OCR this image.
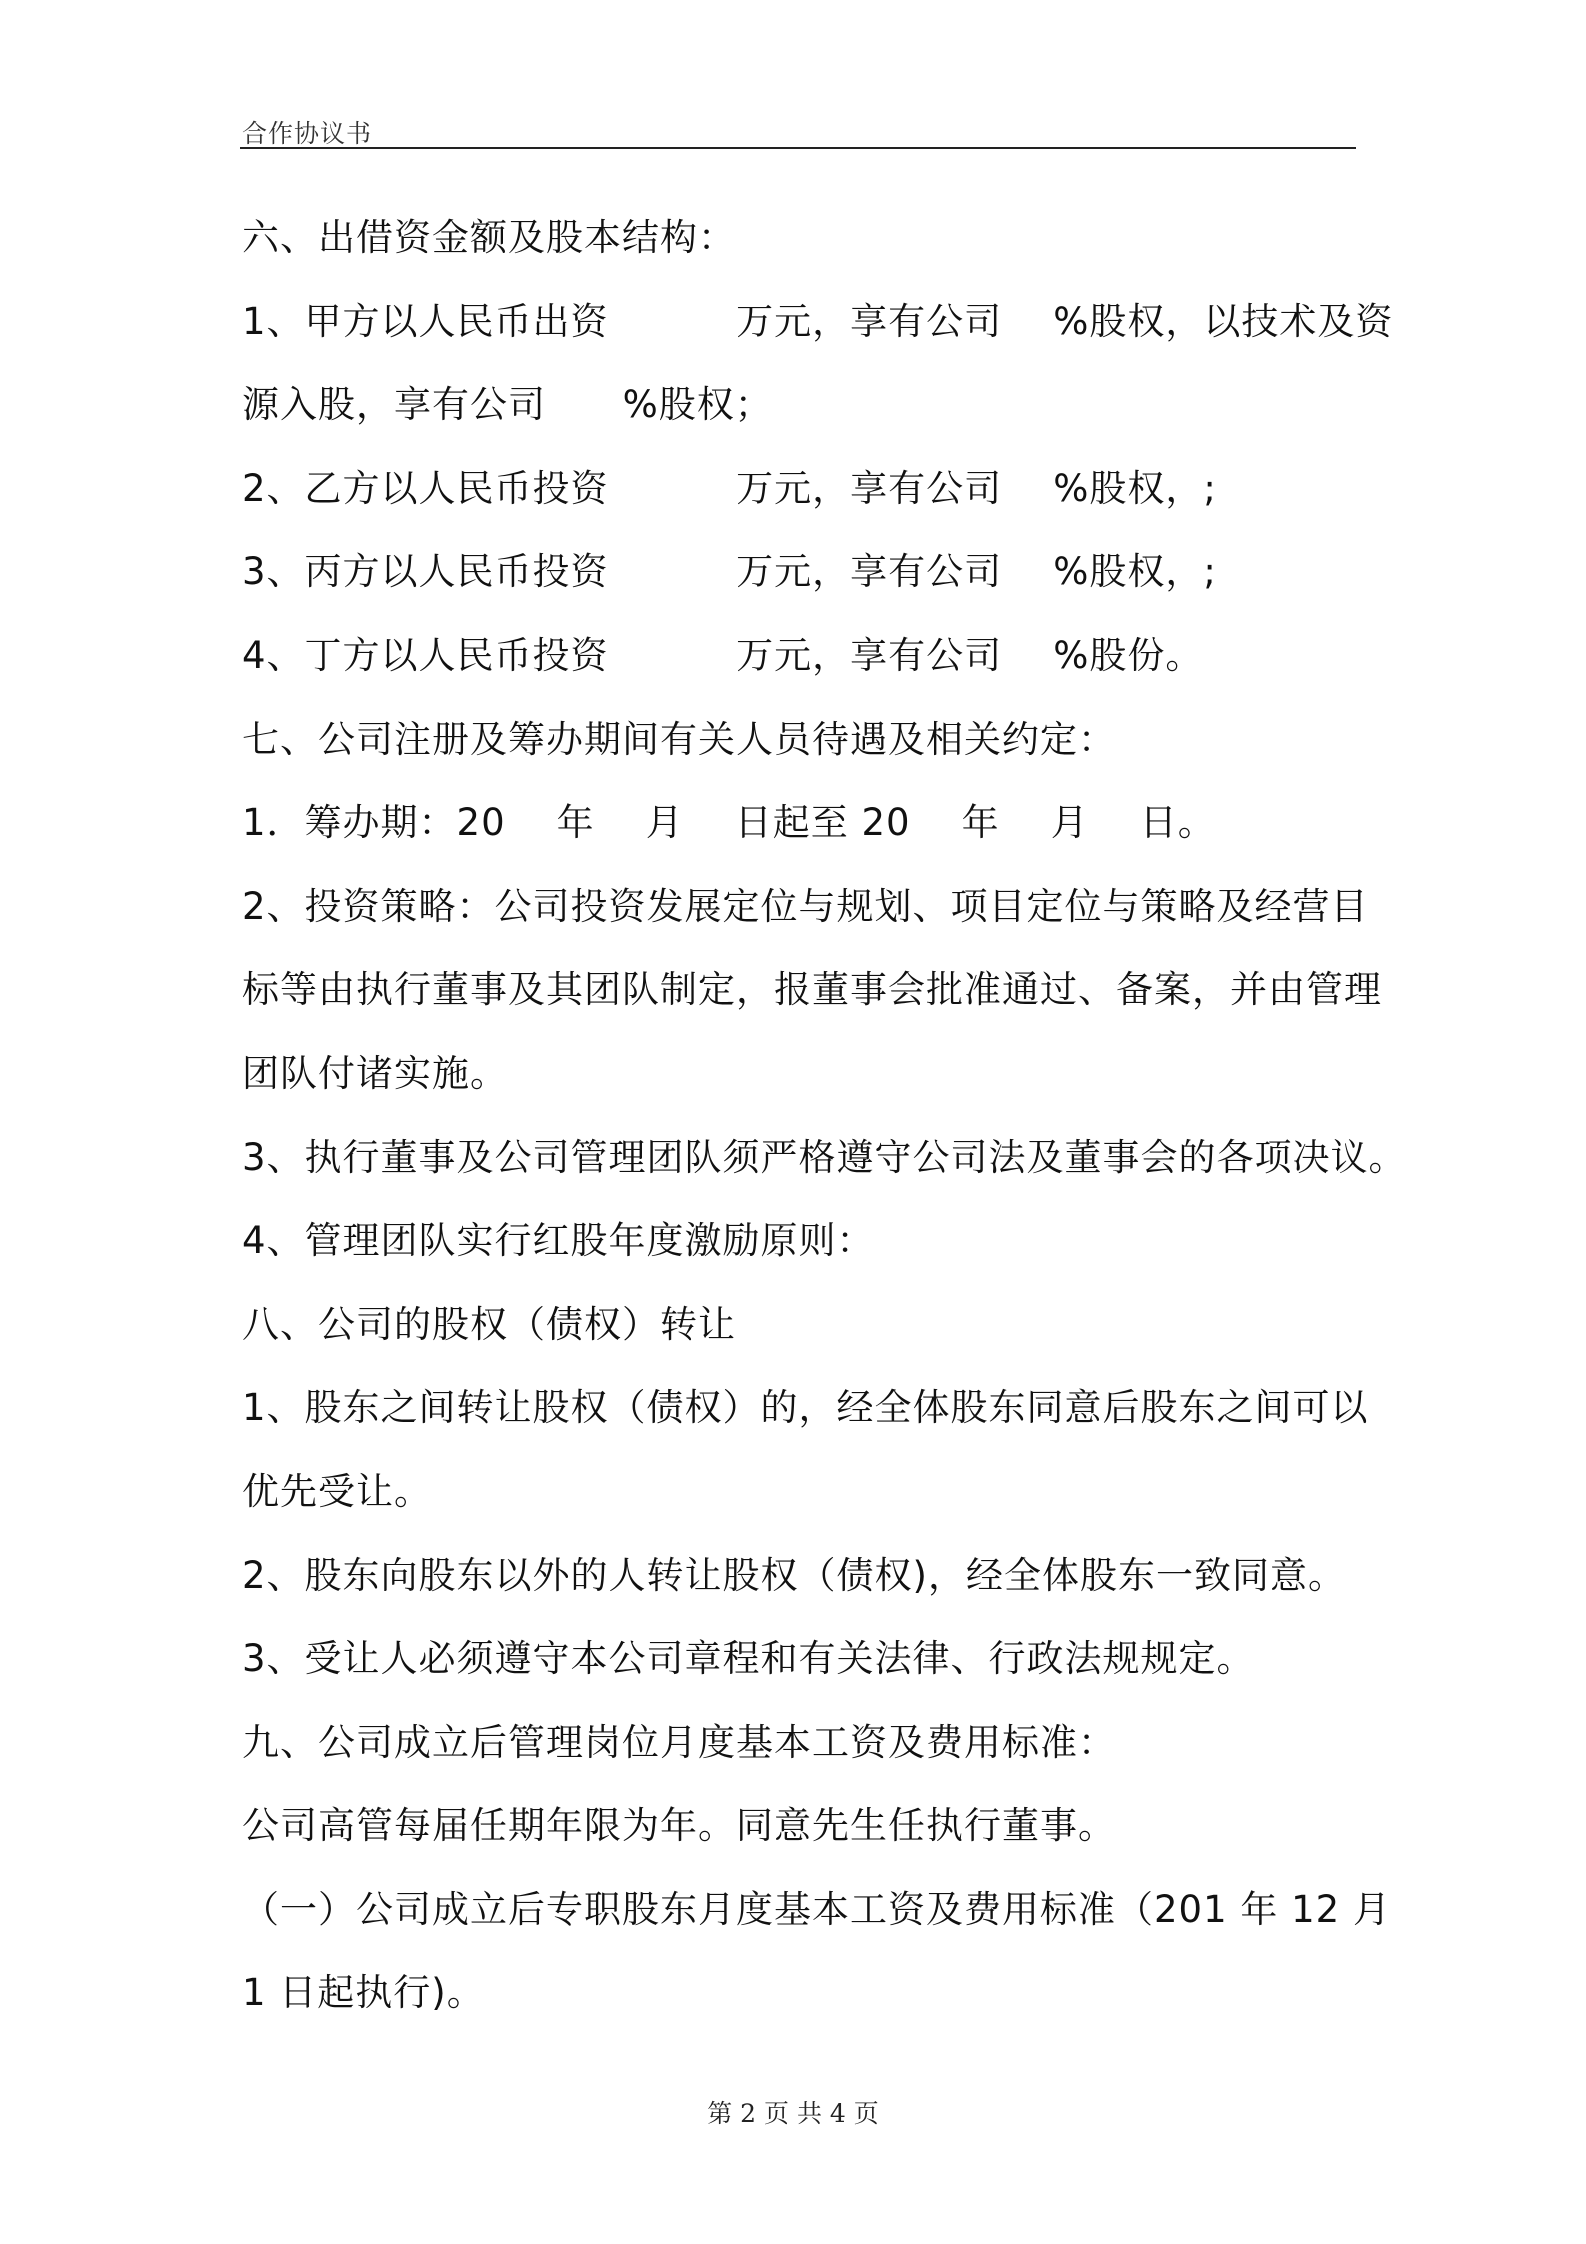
合作协议书
六、出借资金额及股本结构：
1、甲方以人民币出资          万元，享有公司    %股权，以技术及资
源入股，享有公司      %股权；
2、乙方以人民币投资          万元，享有公司    %股权，;
3、丙方以人民币投资          万元，享有公司    %股权，;
4、丁方以人民币投资          万元，享有公司    %股份。
七、公司注册及筹办期间有关人员待遇及相关约定：
1．筹办期：20    年    月    日起至 20    年    月    日。
2、投资策略：公司投资发展定位与规划、项目定位与策略及经营目
标等由执行董事及其团队制定，报董事会批准通过、备案，并由管理
团队付诸实施。
3、执行董事及公司管理团队须严格遵守公司法及董事会的各项决议。
4、管理团队实行红股年度激励原则：
八、公司的股权（债权）转让
1、股东之间转让股权（债权）的，经全体股东同意后股东之间可以
优先受让。
2、股东向股东以外的人转让股权（债权)，经全体股东一致同意。
3、受让人必须遵守本公司章程和有关法律、行政法规规定。
九、公司成立后管理岗位月度基本工资及费用标准：
公司高管每届任期年限为年。同意先生任执行董事。
（一）公司成立后专职股东月度基本工资及费用标准（201 年 12 月
1 日起执行)。
第 2 页 共 4 页
